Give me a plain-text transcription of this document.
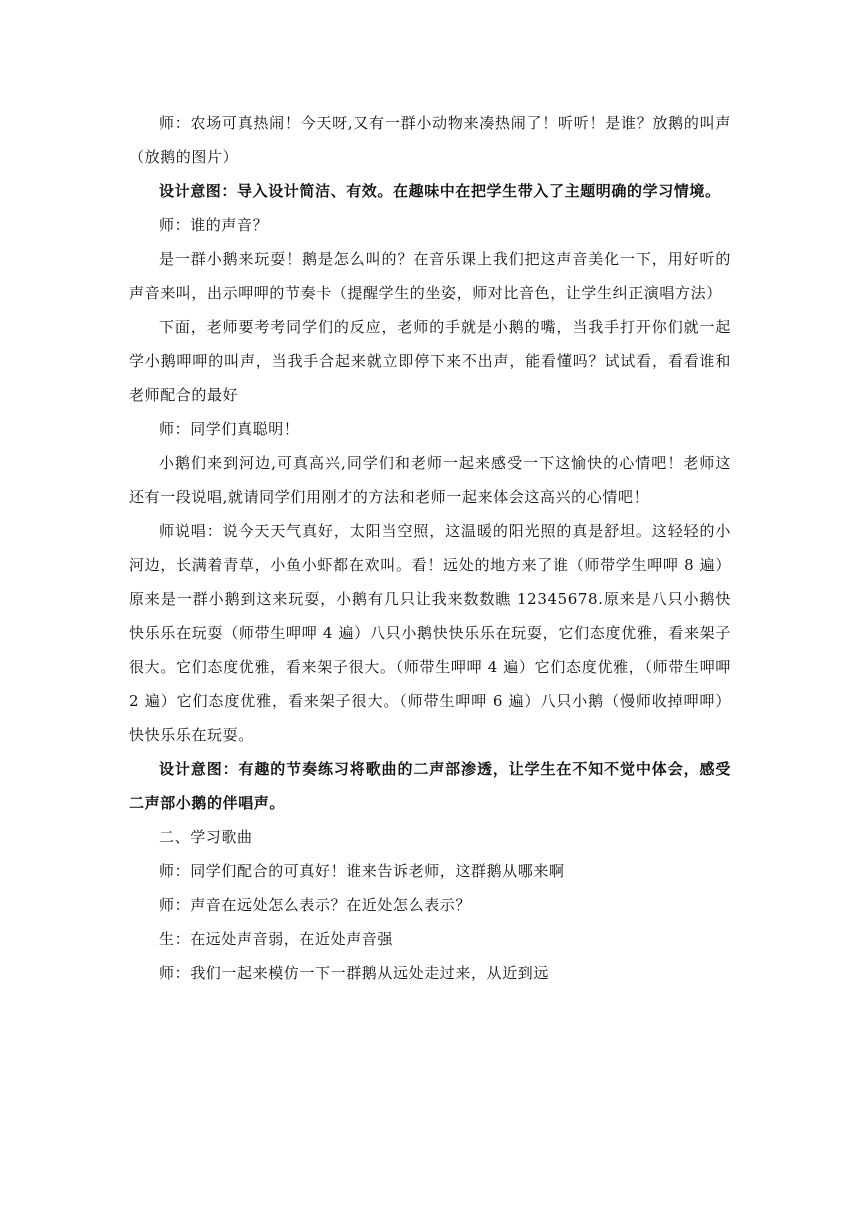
师：农场可真热闹！今天呀,又有一群小动物来凑热闹了！听听！是谁？放鹅的叫声（放鹅的图片）

设计意图：导入设计简洁、有效。在趣味中在把学生带入了主题明确的学习情境。

师：谁的声音？

是一群小鹅来玩耍！鹅是怎么叫的？在音乐课上我们把这声音美化一下，用好听的声音来叫，出示呷呷的节奏卡（提醒学生的坐姿，师对比音色，让学生纠正演唱方法）

下面，老师要考考同学们的反应，老师的手就是小鹅的嘴，当我手打开你们就一起学小鹅呷呷的叫声，当我手合起来就立即停下来不出声，能看懂吗？试试看，看看谁和老师配合的最好

师：同学们真聪明！

小鹅们来到河边,可真高兴,同学们和老师一起来感受一下这愉快的心情吧！老师这还有一段说唱,就请同学们用刚才的方法和老师一起来体会这高兴的心情吧！

师说唱：说今天天气真好，太阳当空照，这温暖的阳光照的真是舒坦。这轻轻的小河边，长满着青草，小鱼小虾都在欢叫。看！远处的地方来了谁（师带学生呷呷 8 遍）原来是一群小鹅到这来玩耍，小鹅有几只让我来数数瞧 12345678.原来是八只小鹅快快乐乐在玩耍（师带生呷呷 4 遍）八只小鹅快快乐乐在玩耍，它们态度优雅，看来架子很大。它们态度优雅，看来架子很大。（师带生呷呷 4 遍）它们态度优雅，（师带生呷呷 2 遍）它们态度优雅，看来架子很大。（师带生呷呷 6 遍）八只小鹅（慢师收掉呷呷）快快乐乐在玩耍。

设计意图：有趣的节奏练习将歌曲的二声部渗透，让学生在不知不觉中体会，感受二声部小鹅的伴唱声。

二、学习歌曲

师：同学们配合的可真好！谁来告诉老师，这群鹅从哪来啊

师：声音在远处怎么表示？在近处怎么表示？

生：在远处声音弱，在近处声音强

师：我们一起来模仿一下一群鹅从远处走过来，从近到远
